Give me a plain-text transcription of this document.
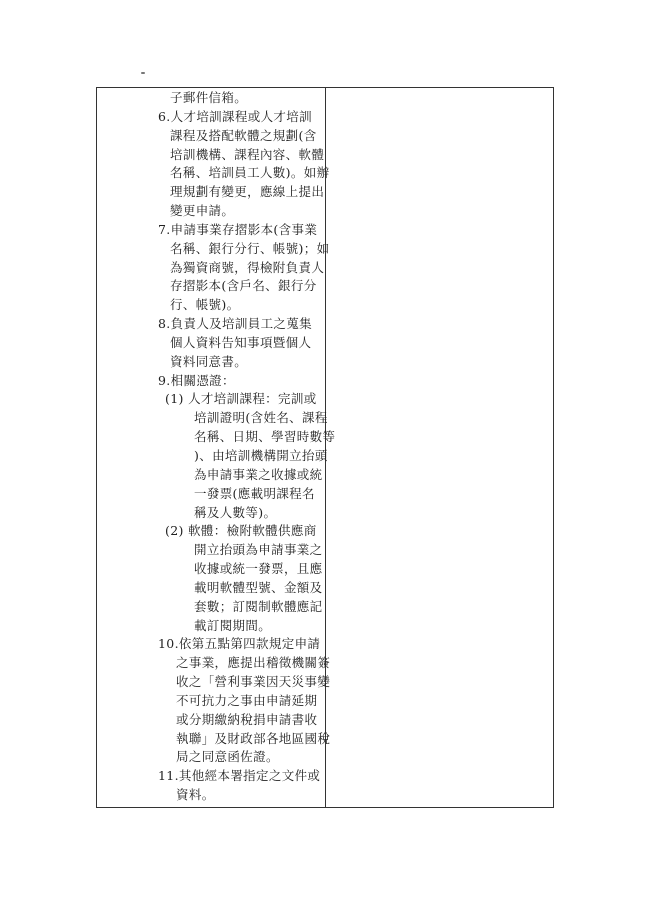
子郵件信箱。
6.人才培訓課程或人才培訓
課程及搭配軟體之規劃(含
培訓機構、課程內容、軟體
名稱、培訓員工人數)。如辦
理規劃有變更，應線上提出
變更申請。
7.申請事業存摺影本(含事業
名稱、銀行分行、帳號)；如
為獨資商號，得檢附負責人
存摺影本(含戶名、銀行分
行、帳號)。
8.負責人及培訓員工之蒐集
個人資料告知事項暨個人
資料同意書。
9.相關憑證：
(1) 人才培訓課程：完訓或
培訓證明(含姓名、課程
名稱、日期、學習時數等
)、由培訓機構開立抬頭
為申請事業之收據或統
一發票(應載明課程名
稱及人數等)。
(2) 軟體：檢附軟體供應商
開立抬頭為申請事業之
收據或統一發票，且應
載明軟體型號、金額及
套數；訂閱制軟體應記
載訂閱期間。
10.依第五點第四款規定申請
之事業，應提出稽徵機關簽
收之「營利事業因天災事變
不可抗力之事由申請延期
或分期繳納稅捐申請書收
執聯」及財政部各地區國稅
局之同意函佐證。
11.其他經本署指定之文件或
資料。
